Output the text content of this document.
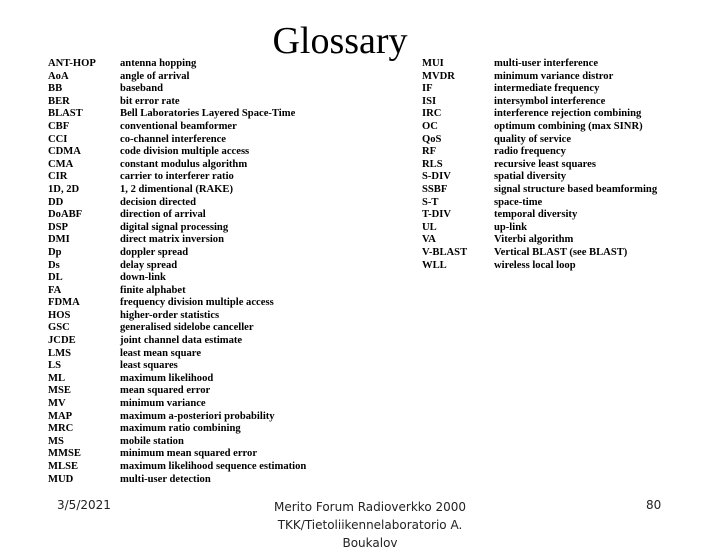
Glossary
ANT-HOP antenna hopping
AoA	angle of arrival
BB	baseband
BER	bit error rate
BLAST	Bell Laboratories Layered Space-Time
CBF	conventional beamformer
CCI	co-channel interference
CDMA	code division multiple access
CMA	constant modulus algorithm
CIR	carrier to interferer ratio
1D, 2D	1, 2 dimentional (RAKE)
DD	decision directed
DoABF	direction of arrival
DSP	digital signal processing
DMI	direct matrix inversion
Dp	doppler spread
Ds	delay spread
DL	down-link
FA	finite alphabet
FDMA	frequency division multiple access
HOS	higher-order statistics
GSC	generalised sidelobe canceller
JCDE	joint channel data estimate
LMS	least mean square
LS	least squares
ML	maximum likelihood
MSE	mean squared error
MV	minimum variance
MAP	maximum a-posteriori probability
MRC	maximum ratio combining
MS	mobile station
MMSE	minimum mean squared error
MLSE	maximum likelihood sequence estimation
MUD	multi-user detection
MUI	multi-user interference
MVDR	minimum variance distror
IF	intermediate frequency
ISI	intersymbol interference
IRC	interference rejection combining
OC	optimum combining (max SINR)
QoS	quality of service
RF	radio frequency
RLS	recursive least squares
S-DIV	spatial diversity
SSBF	signal structure based beamforming
S-T	space-time
T-DIV	temporal diversity
UL	up-link
VA	Viterbi algorithm
V-BLAST	Vertical BLAST (see BLAST)
WLL	wireless local loop
3/5/2021	Merito Forum Radioverkko 2000
TKK/Tietoliikennelaboratorio A. Boukalov
80
